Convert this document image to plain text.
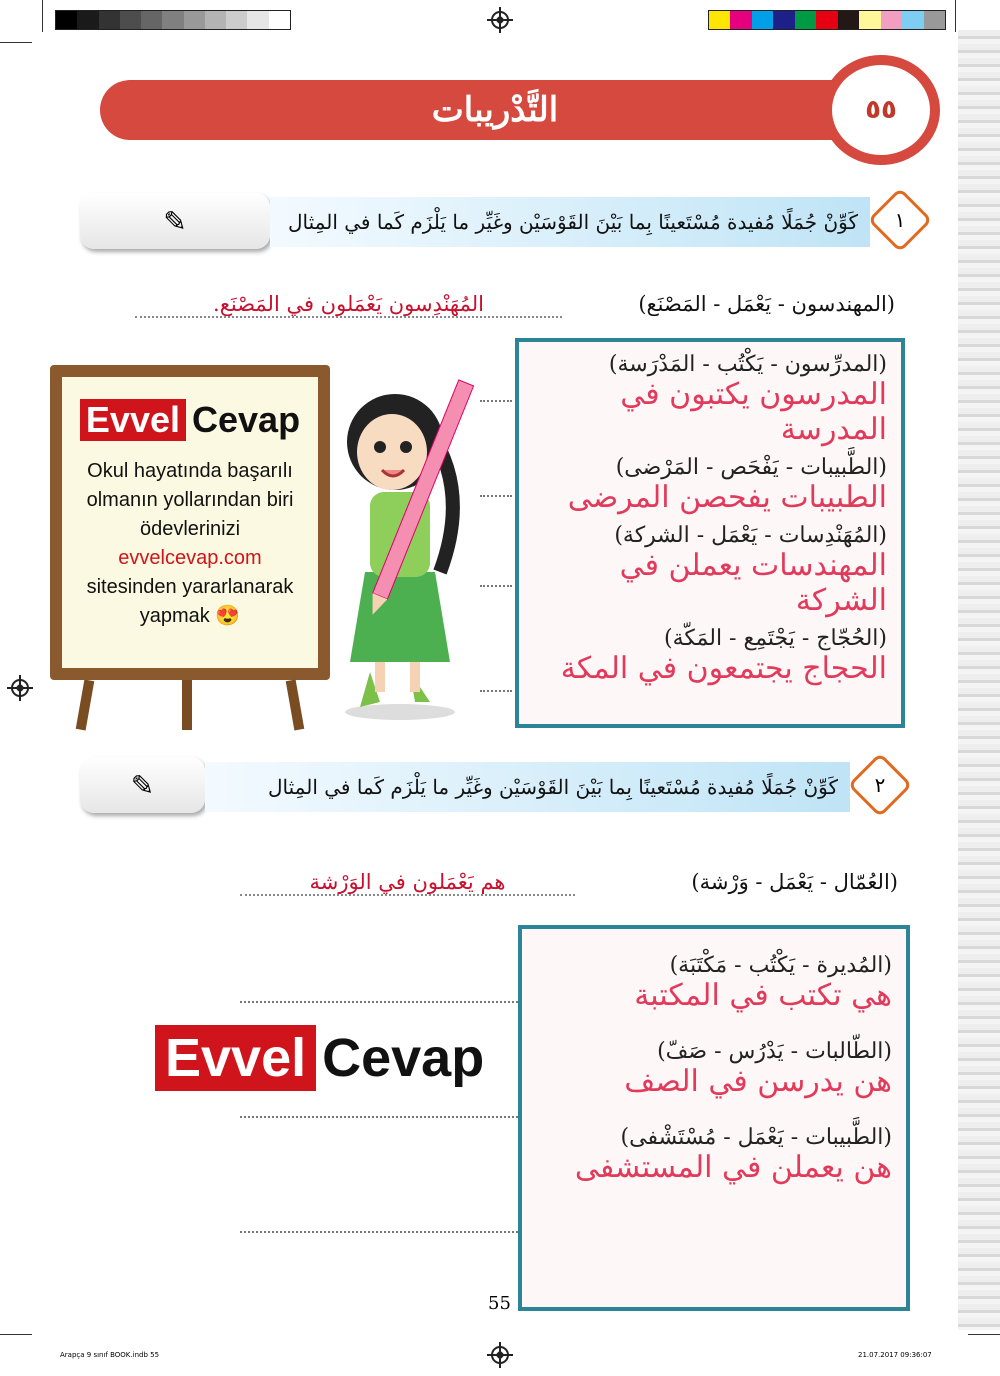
التَّدْريبات	٥٥
✎	كَوِّنْ جُمَلًا مُفيدة مُسْتَعينًا بِما بَيْنَ القَوْسَيْن وغَيِّر ما يَلْزَم كَما في المِثال	١
(المهندسون - يَعْمَل - المَصْنَع)
المُهَنْدِسون يَعْمَلون في المَصْنَع.
(المدرِّسون - يَكْتُب - المَدْرَسة)
المدرسون يكتبون في المدرسة
(الطَّبيبات - يَفْحَص - المَرْضى)
الطبيبات يفحصن المرضى
(المُهَنْدِسات - يَعْمَل - الشركة)
المهندسات يعملن في الشركة
(الحُجّاج - يَجْتَمِع - المَكّة)
الحجاج يجتمعون في المكة
Evvel Cevap

Okul hayatında başarılı

olmanın yollarından biri

ödevlerinizi

evvelcevap.com

sitesinden yararlanarak

yapmak 😍

✎	كَوِّنْ جُمَلًا مُفيدة مُسْتَعينًا بِما بَيْنَ القَوْسَيْن وغَيِّر ما يَلْزَم كَما في المِثال	٢
(العُمّال - يَعْمَل - وَرْشة)
هم يَعْمَلون في الوَرْشة
Evvel Cevap
(المُديرة - يَكْتُب - مَكْتَبَة)
هي تكتب في المكتبة
(الطّالبات - يَدْرُس - صَفّ)
هن يدرسن في الصف
(الطَّبيبات - يَعْمَل - مُسْتَشْفى)
هن يعملن في المستشفى
55
Arapça 9 sınıf BOOK.indb 55	21.07.2017 09:36:07
